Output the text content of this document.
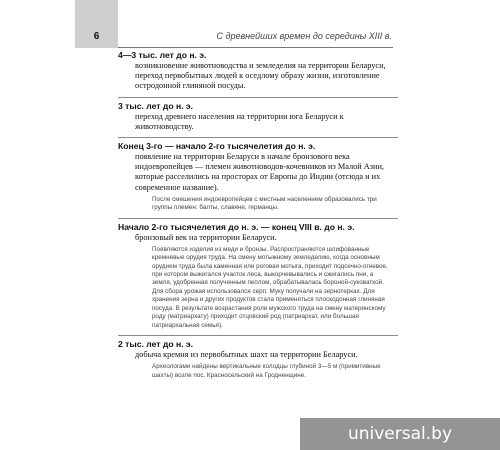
6	С древнейших времен до середины XIII в.
4—3 тыс. лет до н. э.
возникновение животноводства и земледелия на территории Беларуси, переход первобытных людей к оседлому образу жизни, изготовление остродонной глиняной посуды.
3 тыс. лет до н. э.
переход древнего населения на территории юга Беларуси к животноводству.
Конец 3-го — начало 2-го тысячелетия до н. э.
появление на территории Беларуси в начале бронзового века индоевропейцев — племен животноводов-кочевников из Малой Азии, которые расселились на просторах от Европы до Индии (отсюда и их современное название).
После смешения индоевропейцев с местным населением образовались три группы племен: балты, славяне, германцы.
Начало 2-го тысячелетия до н. э. — конец VIII в. до н. э.
бронзовый век на территории Беларуси.
Появляются изделия из меди и бронзы. Распространяются шлифованные кремневые орудия труда. На смену мотыжному земледелию, когда основным орудием труда была каменная или роговая мотыга, приходит подсечно-огневое, при котором выжигался участок леса, выкорчевывались и сжигались пни, а земля, удобренная полученным пеплом, обрабатывалась бороной-суковаткой. Для сбора урожая использовался серп. Муку получали на зернотерках. Для хранения зерна и других продуктов стала применяться плоскодонная глиняная посуда. В результате возрастания роли мужского труда на смену материнскому роду (матриархату) приходит отцовский род (патриархат, или большая патриархальная семья).
2 тыс. лет до н. э.
добыча кремня из первобытных шахт на территории Беларуси.
Археологами найдены вертикальные колодцы глубиной 3—5 м (примитивные шахты) возле пос. Красносельский на Гродненщине.
universal.by
